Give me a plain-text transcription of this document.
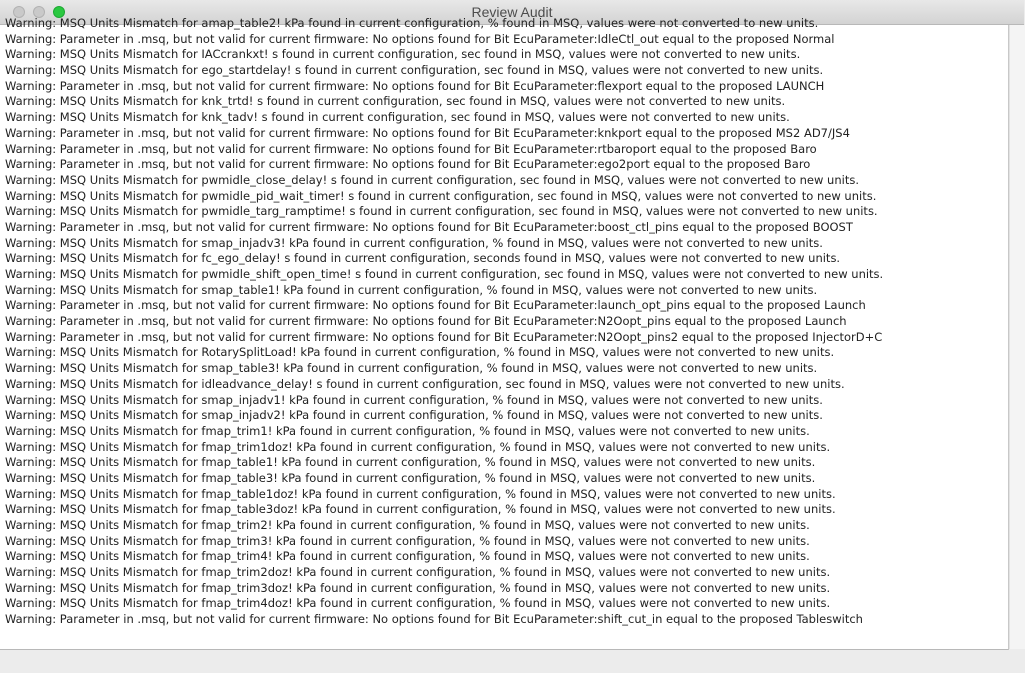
Review Audit
Warning: MSQ Units Mismatch for amap_table2! kPa found in current configuration, % found in MSQ, values were not converted to new units.
Warning: Parameter in .msq, but not valid for current firmware: No options found for Bit EcuParameter:IdleCtl_out equal to the proposed Normal
Warning: MSQ Units Mismatch for IACcrankxt! s found in current configuration, sec found in MSQ, values were not converted to new units.
Warning: MSQ Units Mismatch for ego_startdelay! s found in current configuration, sec found in MSQ, values were not converted to new units.
Warning: Parameter in .msq, but not valid for current firmware: No options found for Bit EcuParameter:flexport equal to the proposed LAUNCH
Warning: MSQ Units Mismatch for knk_trtd! s found in current configuration, sec found in MSQ, values were not converted to new units.
Warning: MSQ Units Mismatch for knk_tadv! s found in current configuration, sec found in MSQ, values were not converted to new units.
Warning: Parameter in .msq, but not valid for current firmware: No options found for Bit EcuParameter:knkport equal to the proposed MS2 AD7/JS4
Warning: Parameter in .msq, but not valid for current firmware: No options found for Bit EcuParameter:rtbaroport equal to the proposed Baro
Warning: Parameter in .msq, but not valid for current firmware: No options found for Bit EcuParameter:ego2port equal to the proposed Baro
Warning: MSQ Units Mismatch for pwmidle_close_delay! s found in current configuration, sec found in MSQ, values were not converted to new units.
Warning: MSQ Units Mismatch for pwmidle_pid_wait_timer! s found in current configuration, sec found in MSQ, values were not converted to new units.
Warning: MSQ Units Mismatch for pwmidle_targ_ramptime! s found in current configuration, sec found in MSQ, values were not converted to new units.
Warning: Parameter in .msq, but not valid for current firmware: No options found for Bit EcuParameter:boost_ctl_pins equal to the proposed BOOST
Warning: MSQ Units Mismatch for smap_injadv3! kPa found in current configuration, % found in MSQ, values were not converted to new units.
Warning: MSQ Units Mismatch for fc_ego_delay! s found in current configuration, seconds found in MSQ, values were not converted to new units.
Warning: MSQ Units Mismatch for pwmidle_shift_open_time! s found in current configuration, sec found in MSQ, values were not converted to new units.
Warning: MSQ Units Mismatch for smap_table1! kPa found in current configuration, % found in MSQ, values were not converted to new units.
Warning: Parameter in .msq, but not valid for current firmware: No options found for Bit EcuParameter:launch_opt_pins equal to the proposed Launch
Warning: Parameter in .msq, but not valid for current firmware: No options found for Bit EcuParameter:N2Oopt_pins equal to the proposed Launch
Warning: Parameter in .msq, but not valid for current firmware: No options found for Bit EcuParameter:N2Oopt_pins2 equal to the proposed InjectorD+C
Warning: MSQ Units Mismatch for RotarySplitLoad! kPa found in current configuration, % found in MSQ, values were not converted to new units.
Warning: MSQ Units Mismatch for smap_table3! kPa found in current configuration, % found in MSQ, values were not converted to new units.
Warning: MSQ Units Mismatch for idleadvance_delay! s found in current configuration, sec found in MSQ, values were not converted to new units.
Warning: MSQ Units Mismatch for smap_injadv1! kPa found in current configuration, % found in MSQ, values were not converted to new units.
Warning: MSQ Units Mismatch for smap_injadv2! kPa found in current configuration, % found in MSQ, values were not converted to new units.
Warning: MSQ Units Mismatch for fmap_trim1! kPa found in current configuration, % found in MSQ, values were not converted to new units.
Warning: MSQ Units Mismatch for fmap_trim1doz! kPa found in current configuration, % found in MSQ, values were not converted to new units.
Warning: MSQ Units Mismatch for fmap_table1! kPa found in current configuration, % found in MSQ, values were not converted to new units.
Warning: MSQ Units Mismatch for fmap_table3! kPa found in current configuration, % found in MSQ, values were not converted to new units.
Warning: MSQ Units Mismatch for fmap_table1doz! kPa found in current configuration, % found in MSQ, values were not converted to new units.
Warning: MSQ Units Mismatch for fmap_table3doz! kPa found in current configuration, % found in MSQ, values were not converted to new units.
Warning: MSQ Units Mismatch for fmap_trim2! kPa found in current configuration, % found in MSQ, values were not converted to new units.
Warning: MSQ Units Mismatch for fmap_trim3! kPa found in current configuration, % found in MSQ, values were not converted to new units.
Warning: MSQ Units Mismatch for fmap_trim4! kPa found in current configuration, % found in MSQ, values were not converted to new units.
Warning: MSQ Units Mismatch for fmap_trim2doz! kPa found in current configuration, % found in MSQ, values were not converted to new units.
Warning: MSQ Units Mismatch for fmap_trim3doz! kPa found in current configuration, % found in MSQ, values were not converted to new units.
Warning: MSQ Units Mismatch for fmap_trim4doz! kPa found in current configuration, % found in MSQ, values were not converted to new units.
Warning: Parameter in .msq, but not valid for current firmware: No options found for Bit EcuParameter:shift_cut_in equal to the proposed Tableswitch
